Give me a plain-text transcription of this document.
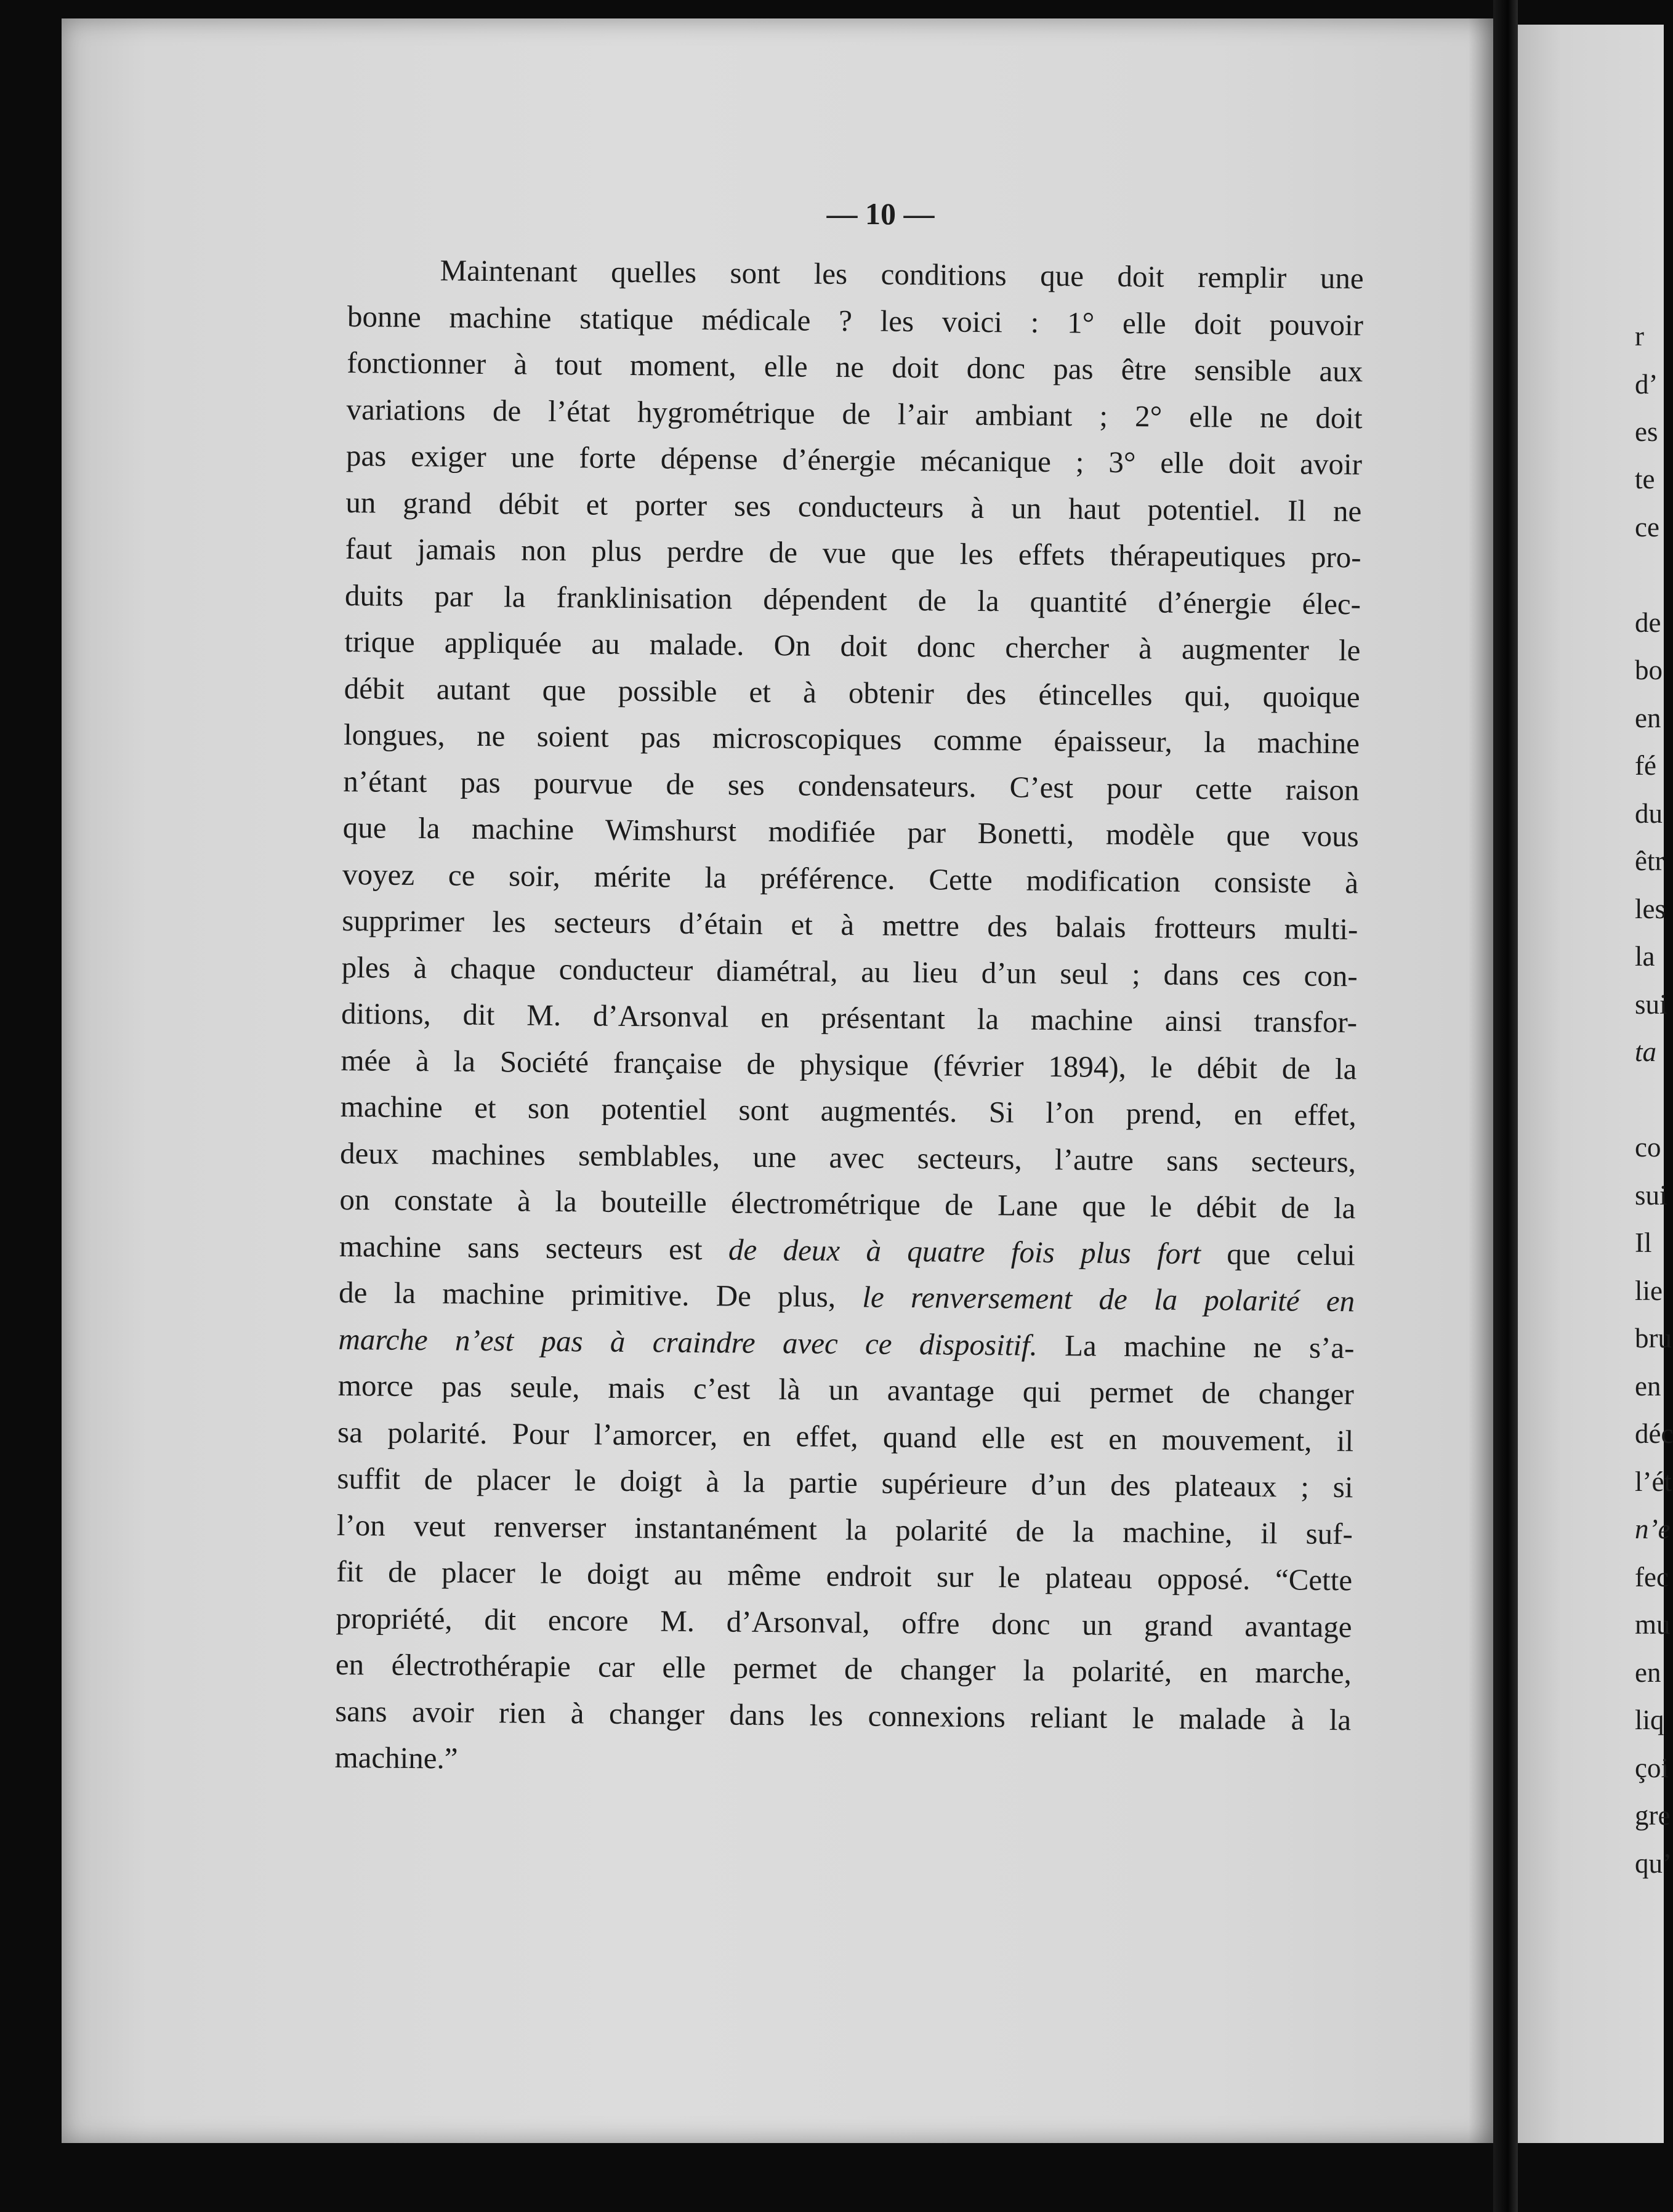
— 10 —
Maintenant quelles sont les conditions que doit remplir une
bonne machine statique médicale ? les voici : 1° elle doit pouvoir
fonctionner à tout moment, elle ne doit donc pas être sensible aux
variations de l’état hygrométrique de l’air ambiant ; 2° elle ne doit
pas exiger une forte dépense d’énergie mécanique ; 3° elle doit avoir
un grand débit et porter ses conducteurs à un haut potentiel. Il ne
faut jamais non plus perdre de vue que les effets thérapeutiques pro-
duits par la franklinisation dépendent de la quantité d’énergie élec-
trique appliquée au malade. On doit donc chercher à augmenter le
débit autant que possible et à obtenir des étincelles qui, quoique
longues, ne soient pas microscopiques comme épaisseur, la machine
n’étant pas pourvue de ses condensateurs. C’est pour cette raison
que la machine Wimshurst modifiée par Bonetti, modèle que vous
voyez ce soir, mérite la préférence. Cette modification consiste à
supprimer les secteurs d’étain et à mettre des balais frotteurs multi-
ples à chaque conducteur diamétral, au lieu d’un seul ; dans ces con-
ditions, dit M. d’Arsonval en présentant la machine ainsi transfor-
mée à la Société française de physique (février 1894), le débit de la
machine et son potentiel sont augmentés. Si l’on prend, en effet,
deux machines semblables, une avec secteurs, l’autre sans secteurs,
on constate à la bouteille électrométrique de Lane que le débit de la
machine sans secteurs est de deux à quatre fois plus fort que celui
de la machine primitive. De plus, le renversement de la polarité en
marche n’est pas à craindre avec ce dispositif. La machine ne s’a-
morce pas seule, mais c’est là un avantage qui permet de changer
sa polarité. Pour l’amorcer, en effet, quand elle est en mouvement, il
suffit de placer le doigt à la partie supérieure d’un des plateaux ; si
l’on veut renverser instantanément la polarité de la machine, il suf-
fit de placer le doigt au même endroit sur le plateau opposé. “Cette
propriété, dit encore M. d’Arsonval, offre donc un grand avantage
en électrothérapie car elle permet de changer la polarité, en marche,
sans avoir rien à changer dans les connexions reliant le malade à la
machine.”
r
d’
es
te
ce
de
bo
en
fé
du
êtr
les
la
sui
ta
co
sui
Il
lie
bru
en
déc
l’ét
n’e
fec
mu
en
liq
çoi
gre
qu’
